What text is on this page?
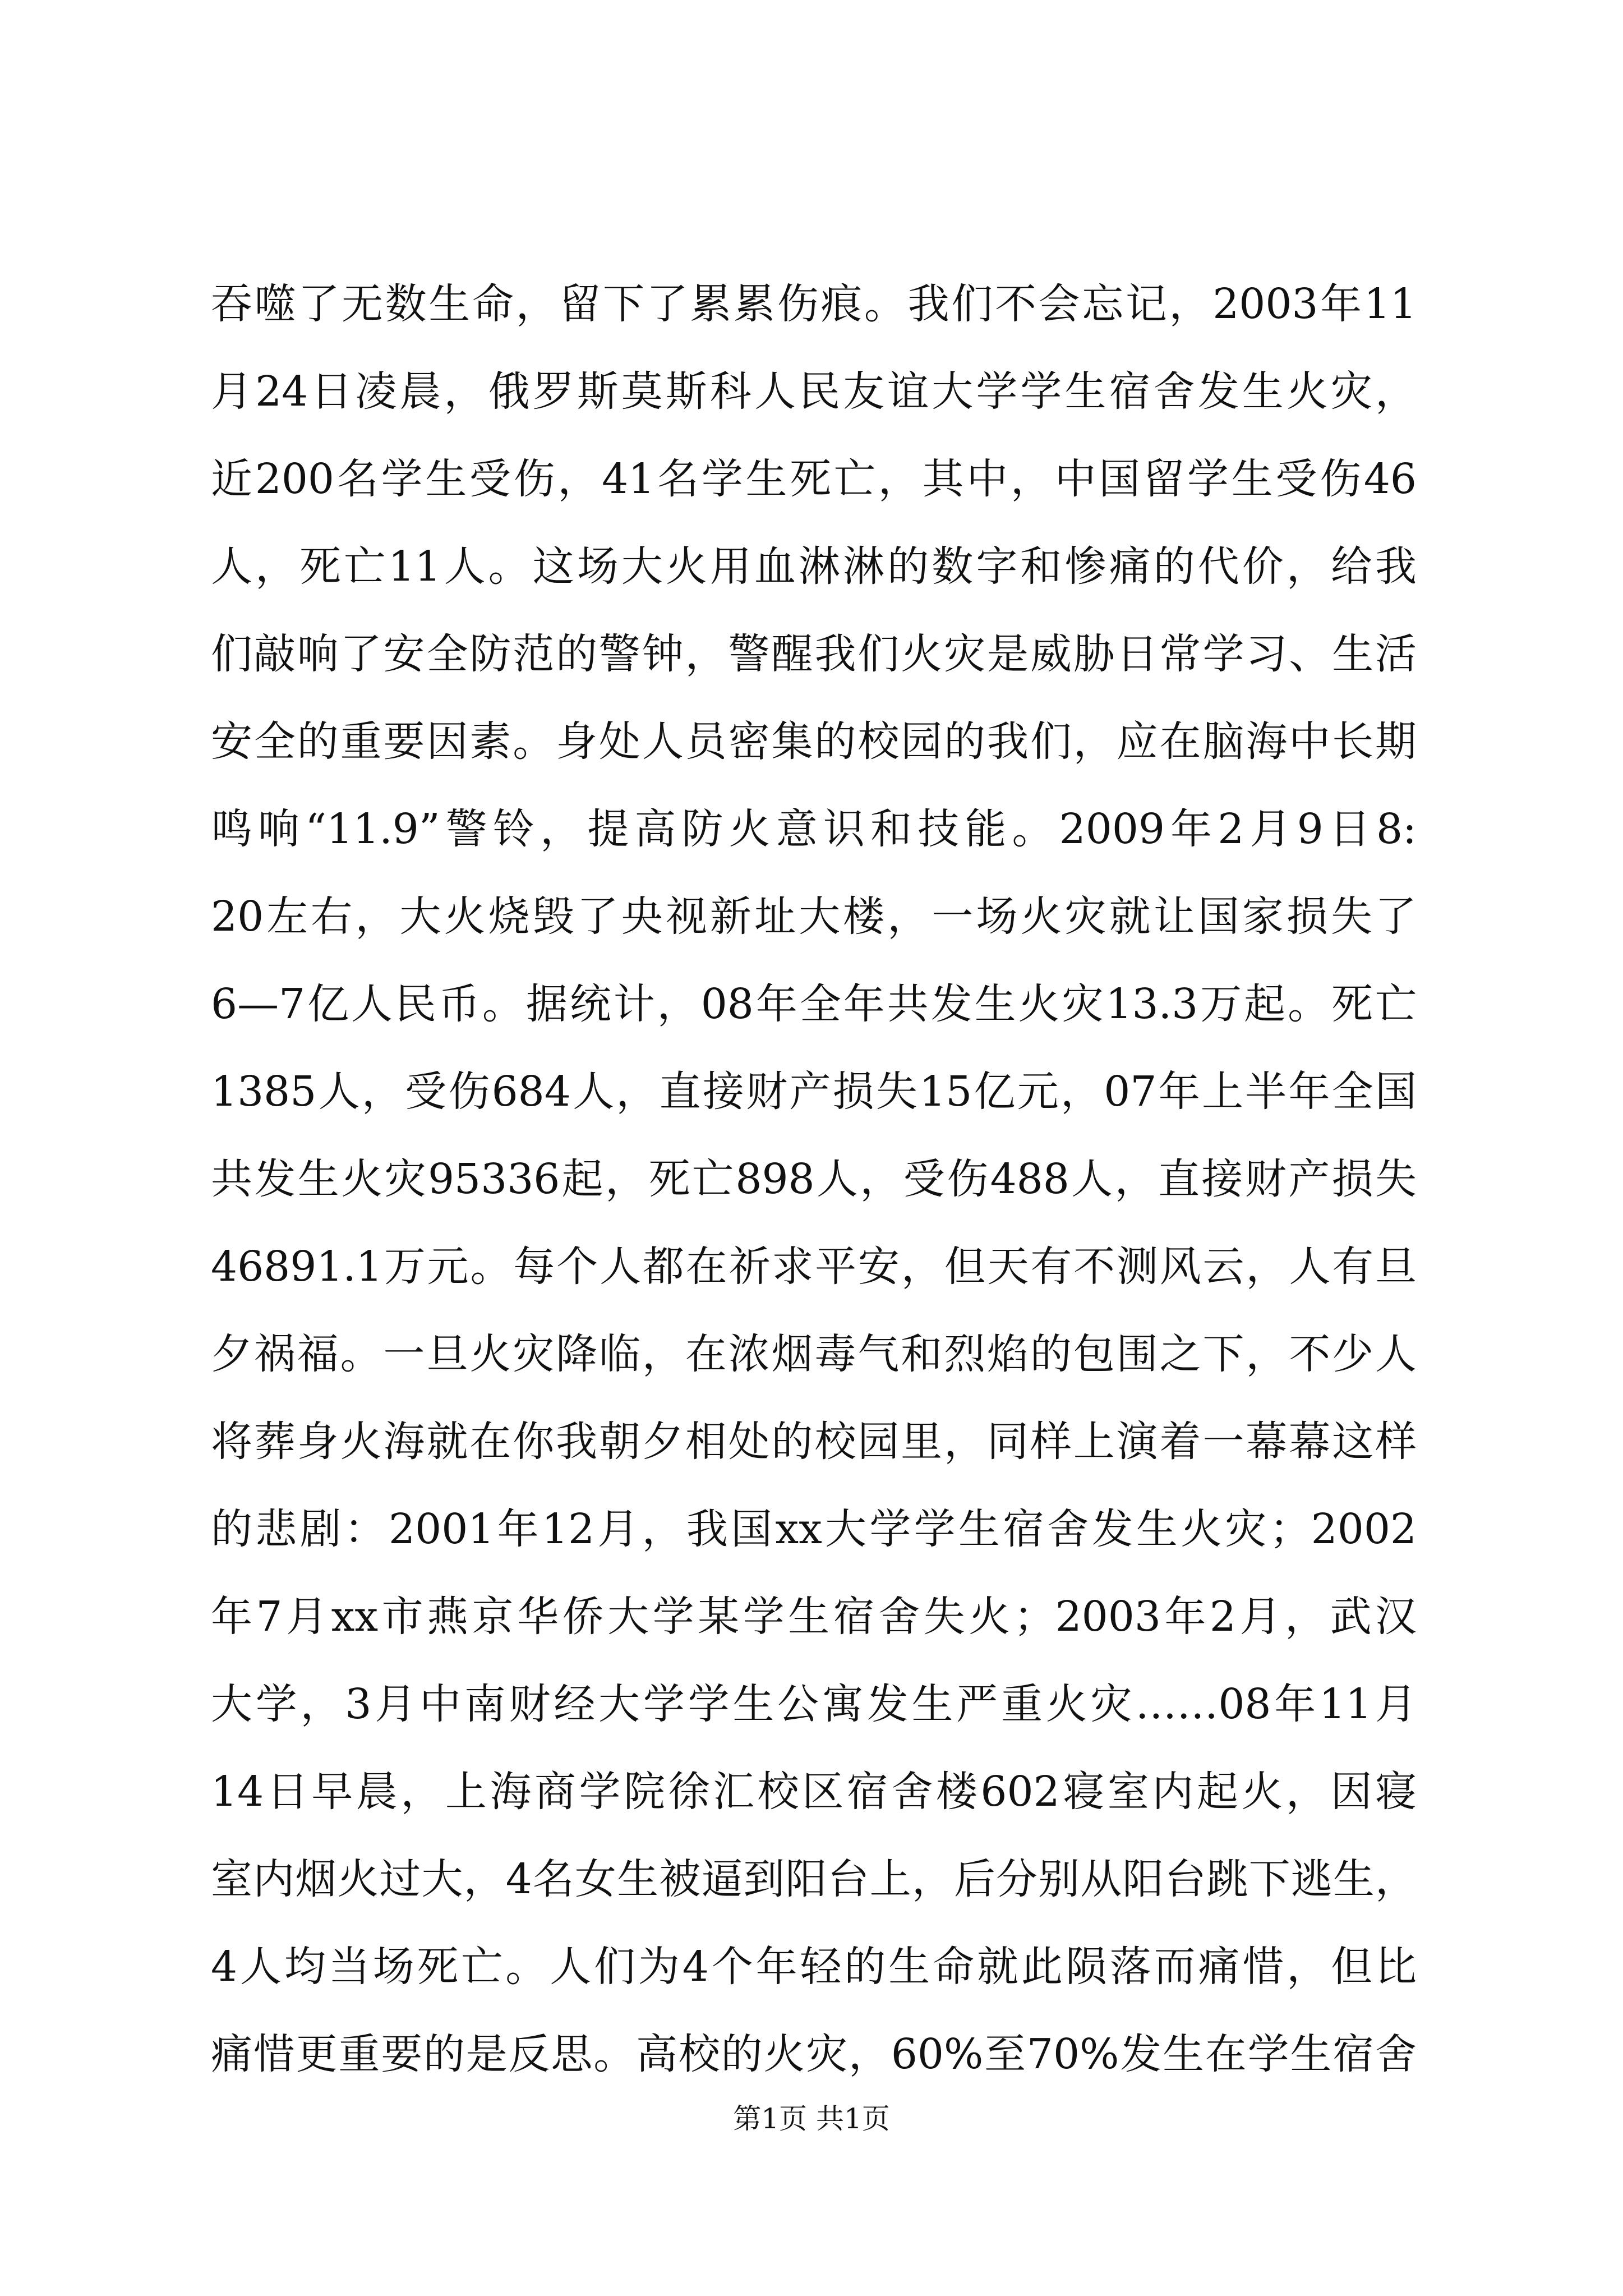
吞噬了无数生命，留下了累累伤痕。我们不会忘记，2003年11
月24日凌晨，俄罗斯莫斯科人民友谊大学学生宿舍发生火灾，
近200名学生受伤，41名学生死亡，其中，中国留学生受伤46
人，死亡11人。这场大火用血淋淋的数字和惨痛的代价，给我
们敲响了安全防范的警钟，警醒我们火灾是威胁日常学习、生活
安全的重要因素。身处人员密集的校园的我们，应在脑海中长期
鸣响“11.9”警铃，提高防火意识和技能。2009年2月9日8:
20左右，大火烧毁了央视新址大楼，一场火灾就让国家损失了
6—7亿人民币。据统计，08年全年共发生火灾13.3万起。死亡
1385人，受伤684人，直接财产损失15亿元，07年上半年全国
共发生火灾95336起，死亡898人，受伤488人，直接财产损失
46891.1万元。每个人都在祈求平安，但天有不测风云，人有旦
夕祸福。一旦火灾降临，在浓烟毒气和烈焰的包围之下，不少人
将葬身火海就在你我朝夕相处的校园里，同样上演着一幕幕这样
的悲剧：2001年12月，我国xx大学学生宿舍发生火灾；2002
年7月xx市燕京华侨大学某学生宿舍失火；2003年2月，武汉
大学，3月中南财经大学学生公寓发生严重火灾……08年11月
14日早晨，上海商学院徐汇校区宿舍楼602寝室内起火，因寝
室内烟火过大，4名女生被逼到阳台上，后分别从阳台跳下逃生，
4人均当场死亡。人们为4个年轻的生命就此陨落而痛惜，但比
痛惜更重要的是反思。高校的火灾，60%至70%发生在学生宿舍
第1页 共1页
